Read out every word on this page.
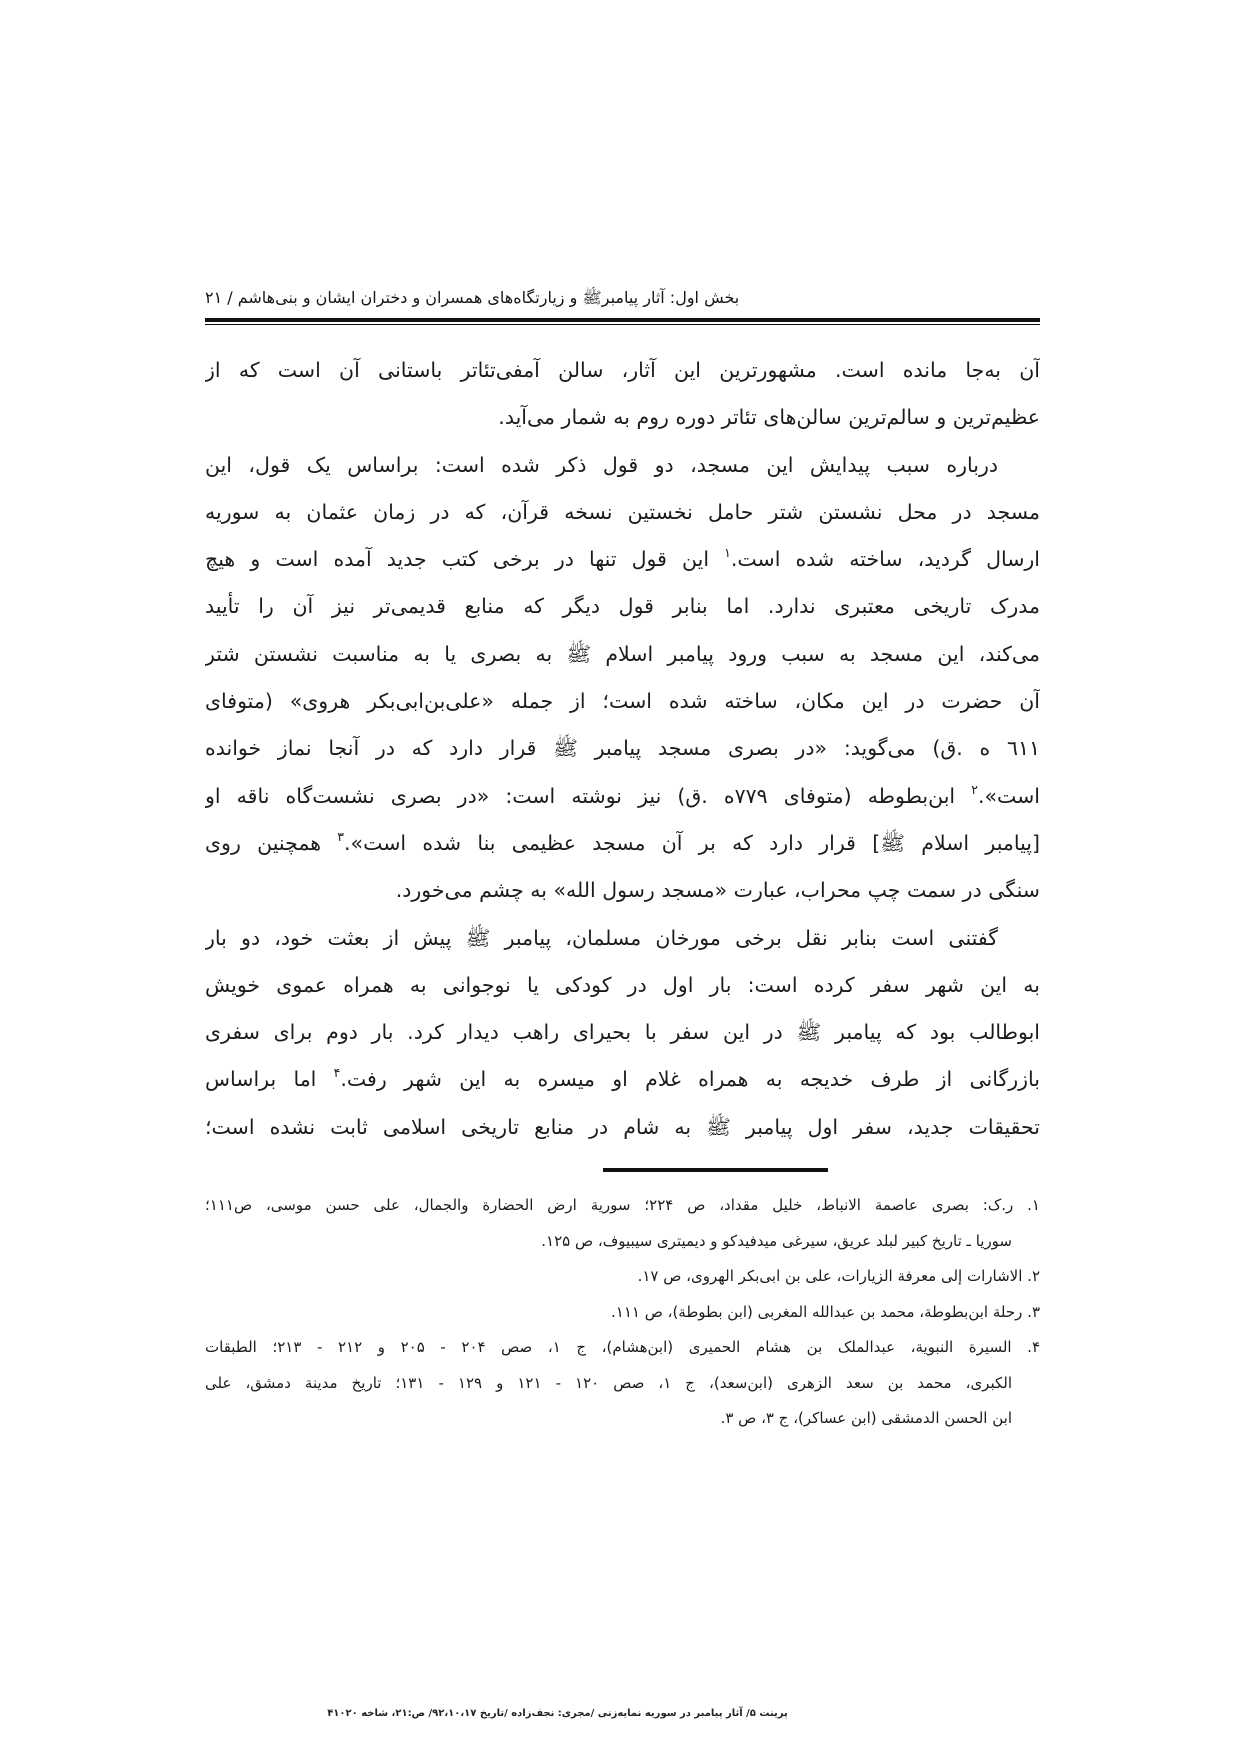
بخش اول: آثار پیامبرﷺ و زیارتگاه‌های همسران و دختران ایشان و بنی‌هاشم / ۲۱
آن به‌جا مانده است. مشهورترین این آثار، سالن آمفی‌تئاتر باستانی آن است که از
عظیم‌ترین و سالم‌ترین سالن‌های تئاتر دوره روم به شمار می‌آید.
درباره سبب پیدایش این مسجد، دو قول ذکر شده است: براساس یک قول، این
مسجد در محل نشستن شتر حامل نخستین نسخه قرآن، که در زمان عثمان به سوریه
ارسال گردید، ساخته شده است.$^۱$ این قول تنها در برخی کتب جدید آمده است و هیچ
مدرک تاریخی معتبری ندارد. اما بنابر قول دیگر که منابع قدیمی‌تر نیز آن را تأیید
می‌کند، این مسجد به سبب ورود پیامبر اسلام ﷺ به بصری یا به مناسبت نشستن شتر
آن حضرت در این مکان، ساخته شده است؛ از جمله «علی‌بن‌ابی‌بکر هروی» (متوفای
٦١١ ه .ق) می‌گوید: «در بصری مسجد پیامبر ﷺ قرار دارد که در آنجا نماز خوانده
است».$^۲$ ابن‌بطوطه (متوفای ۷۷۹ه .ق) نیز نوشته است: «در بصری نشست‌گاه ناقه او
[پیامبر اسلام ﷺ] قرار دارد که بر آن مسجد عظیمی بنا شده است».$^۳$ همچنین روی
سنگی در سمت چپ محراب، عبارت «مسجد رسول الله» به چشم می‌خورد.
گفتنی است بنابر نقل برخی مورخان مسلمان، پیامبر ﷺ پیش از بعثت خود، دو بار
به این شهر سفر کرده است: بار اول در کودکی یا نوجوانی به همراه عموی خویش
ابوطالب بود که پیامبر ﷺ در این سفر با بحیرای راهب دیدار کرد. بار دوم برای سفری
بازرگانی از طرف خدیجه به همراه غلام او میسره به این شهر رفت.$^۴$ اما براساس
تحقیقات جدید، سفر اول پیامبر ﷺ به شام در منابع تاریخی اسلامی ثابت نشده است؛
۱. ر.ک: بصری عاصمة الانباط، خلیل مقداد، ص ۲۲۴؛ سوریة ارض الحضارة والجمال، علی حسن موسی، ص۱۱۱؛
سوریا ـ تاریخ کبیر لبلد عریق، سیرغی میدفیدکو و دیمیتری سیبیوف، ص ۱۲۵.
۲. الاشارات إلی معرفة الزیارات، علی بن ابی‌بکر الهروی، ص ۱۷.
۳. رحلة ابن‌بطوطة، محمد بن عبدالله المغربی (ابن بطوطة)، ص ۱۱۱.
۴. السیرة النبویة، عبدالملک بن هشام الحمیری (ابن‌هشام)، ج ۱، صص ۲۰۴ - ۲۰۵ و ۲۱۲ - ۲۱۳؛ الطبقات
الکبری، محمد بن سعد الزهری (ابن‌سعد)، ج ۱، صص ۱۲۰ - ۱۲۱ و ۱۲۹ - ۱۳۱؛ تاریخ مدینة دمشق، علی
ابن الحسن الدمشقی (ابن عساکر)، ج ۳، ص ۳.
پرینت ۵/ آثار پیامبر در سوریه نمایه‌زنی /مجری: نجف‌زاده /تاریخ ۹۲،۱۰،۱۷/ ص:۲۱، شاخه ۴۱۰۲۰
